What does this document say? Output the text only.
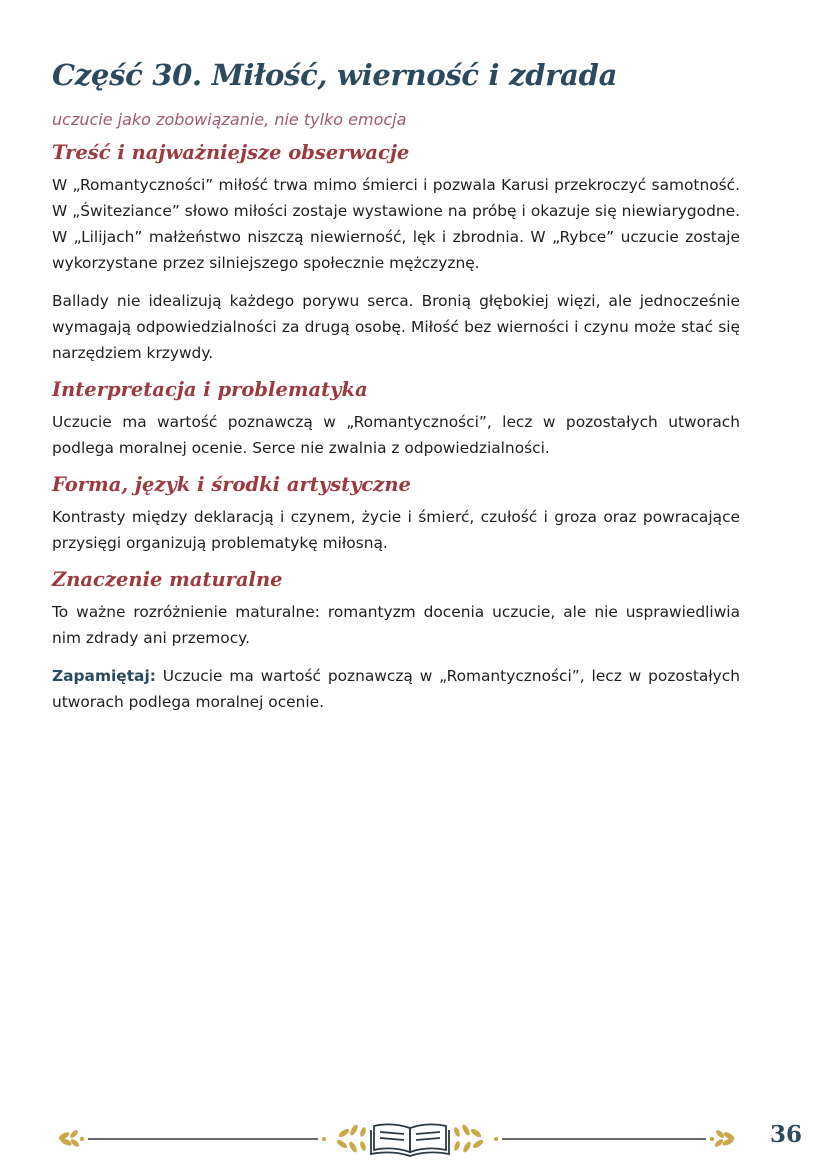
Część 30. Miłość, wierność i zdrada
uczucie jako zobowiązanie, nie tylko emocja
Treść i najważniejsze obserwacje

W „Romantyczności” miłość trwa mimo śmierci i pozwala Karusi przekroczyć samotność. W „Świteziance” słowo miłości zostaje wystawione na próbę i okazuje się niewiarygodne. W „Lilijach” małżeństwo niszczą niewierność, lęk i zbrodnia. W „Rybce” uczucie zostaje wykorzystane przez silniejszego społecznie mężczyznę.

Ballady nie idealizują każdego porywu serca. Bronią głębokiej więzi, ale jednocześnie wymagają odpowiedzialności za drugą osobę. Miłość bez wierności i czynu może stać się narzędziem krzywdy.

Interpretacja i problematyka

Uczucie ma wartość poznawczą w „Romantyczności”, lecz w pozostałych utworach podlega moralnej ocenie. Serce nie zwalnia z odpowiedzialności.

Forma, język i środki artystyczne

Kontrasty między deklaracją i czynem, życie i śmierć, czułość i groza oraz powracające przysięgi organizują problematykę miłosną.

Znaczenie maturalne

To ważne rozróżnienie maturalne: romantyzm docenia uczucie, ale nie usprawiedliwia nim zdrady ani przemocy.

Zapamiętaj: Uczucie ma wartość poznawczą w „Romantyczności”, lecz w pozostałych utworach podlega moralnej ocenie.

36
